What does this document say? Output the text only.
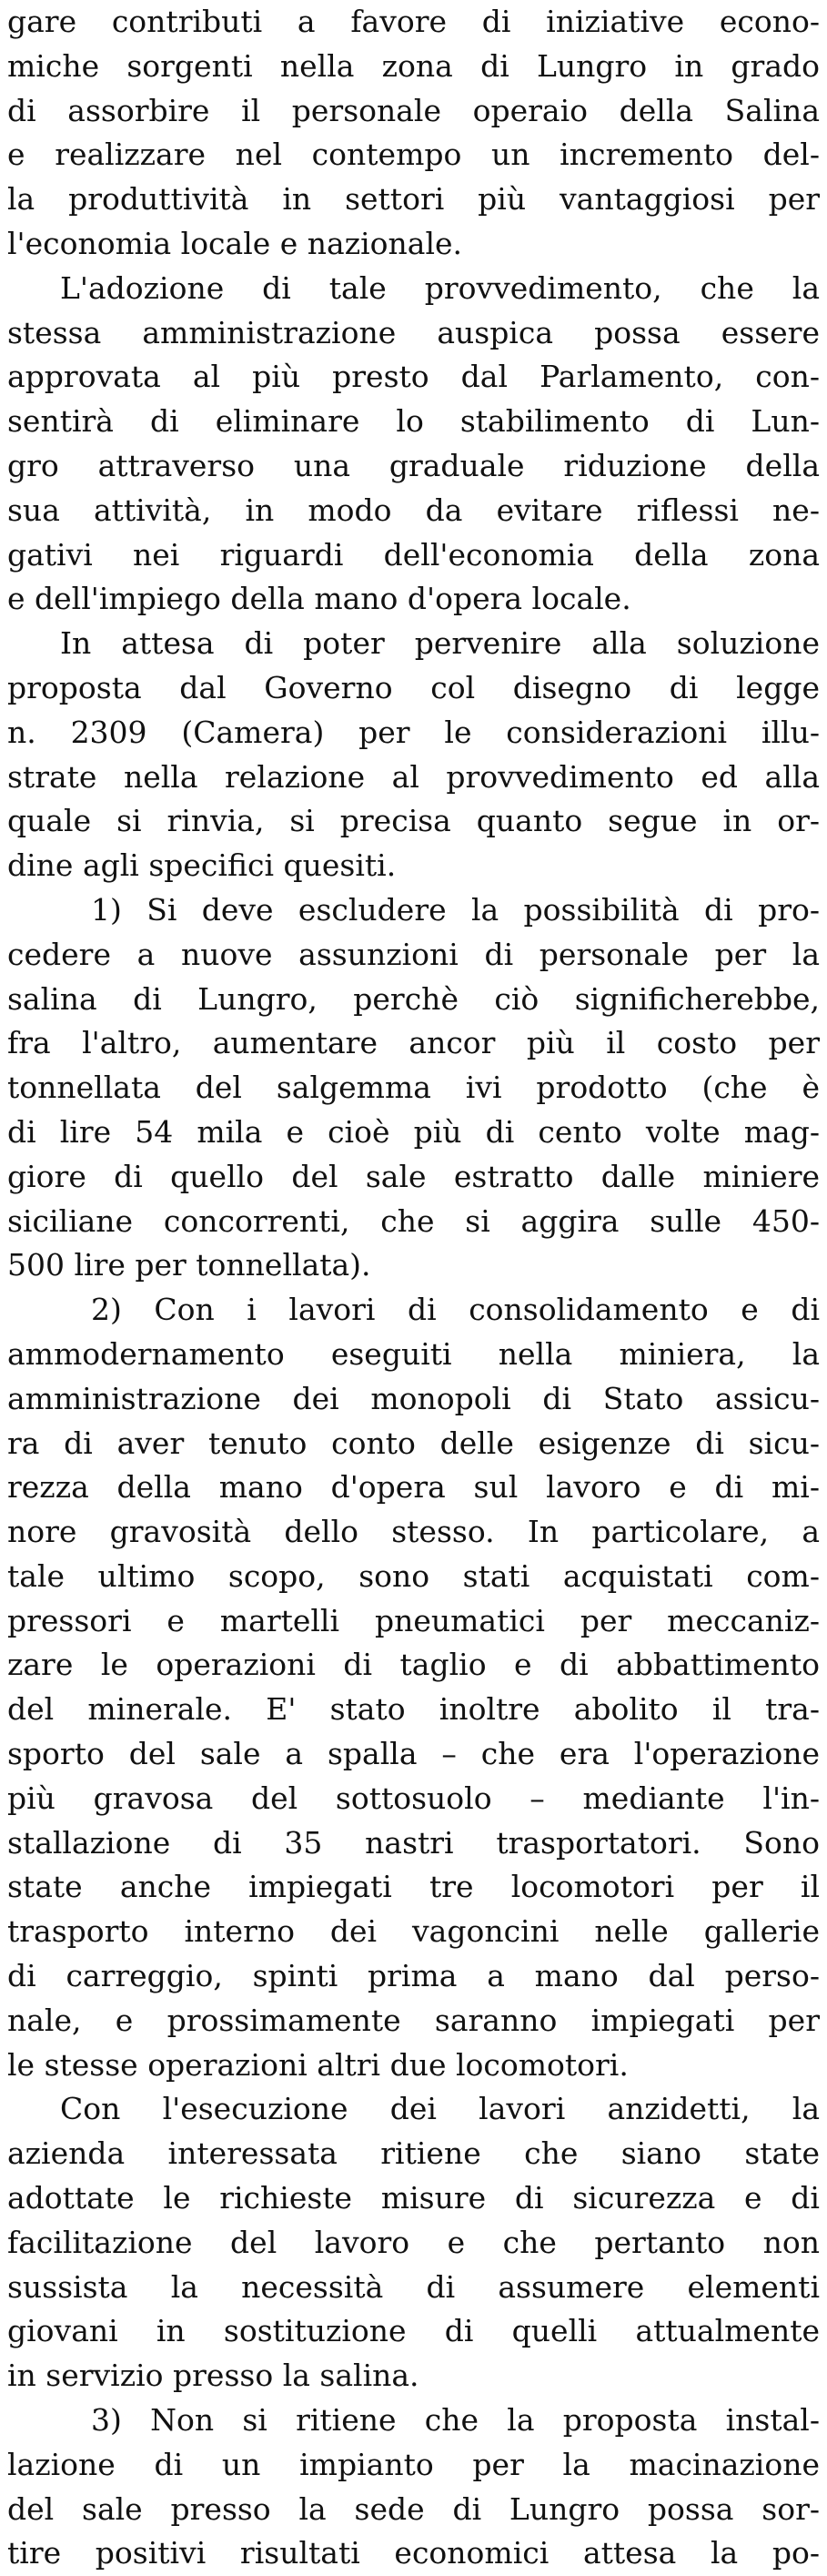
gare contributi a favore di iniziative econo-
miche sorgenti nella zona di Lungro in grado
di assorbire il personale operaio della Salina
e realizzare nel contempo un incremento del-
la produttività in settori più vantaggiosi per
l'economia locale e nazionale.
L'adozione di tale provvedimento, che la
stessa amministrazione auspica possa essere
approvata al più presto dal Parlamento, con-
sentirà di eliminare lo stabilimento di Lun-
gro attraverso una graduale riduzione della
sua attività, in modo da evitare riflessi ne-
gativi nei riguardi dell'economia della zona
e dell'impiego della mano d'opera locale.
In attesa di poter pervenire alla soluzione
proposta dal Governo col disegno di legge
n. 2309 (Camera) per le considerazioni illu-
strate nella relazione al provvedimento ed alla
quale si rinvia, si precisa quanto segue in or-
dine agli specifici quesiti.
1) Si deve escludere la possibilità di pro-
cedere a nuove assunzioni di personale per la
salina di Lungro, perchè ciò significherebbe,
fra l'altro, aumentare ancor più il costo per
tonnellata del salgemma ivi prodotto (che è
di lire 54 mila e cioè più di cento volte mag-
giore di quello del sale estratto dalle miniere
siciliane concorrenti, che si aggira sulle 450-
500 lire per tonnellata).
2) Con i lavori di consolidamento e di
ammodernamento eseguiti nella miniera, la
amministrazione dei monopoli di Stato assicu-
ra di aver tenuto conto delle esigenze di sicu-
rezza della mano d'opera sul lavoro e di mi-
nore gravosità dello stesso. In particolare, a
tale ultimo scopo, sono stati acquistati com-
pressori e martelli pneumatici per meccaniz-
zare le operazioni di taglio e di abbattimento
del minerale. E' stato inoltre abolito il tra-
sporto del sale a spalla – che era l'operazione
più gravosa del sottosuolo – mediante l'in-
stallazione di 35 nastri trasportatori. Sono
state anche impiegati tre locomotori per il
trasporto interno dei vagoncini nelle gallerie
di carreggio, spinti prima a mano dal perso-
nale, e prossimamente saranno impiegati per
le stesse operazioni altri due locomotori.
Con l'esecuzione dei lavori anzidetti, la
azienda interessata ritiene che siano state
adottate le richieste misure di sicurezza e di
facilitazione del lavoro e che pertanto non
sussista la necessità di assumere elementi
giovani in sostituzione di quelli attualmente
in servizio presso la salina.
3) Non si ritiene che la proposta instal-
lazione di un impianto per la macinazione
del sale presso la sede di Lungro possa sor-
tire positivi risultati economici attesa la po-
